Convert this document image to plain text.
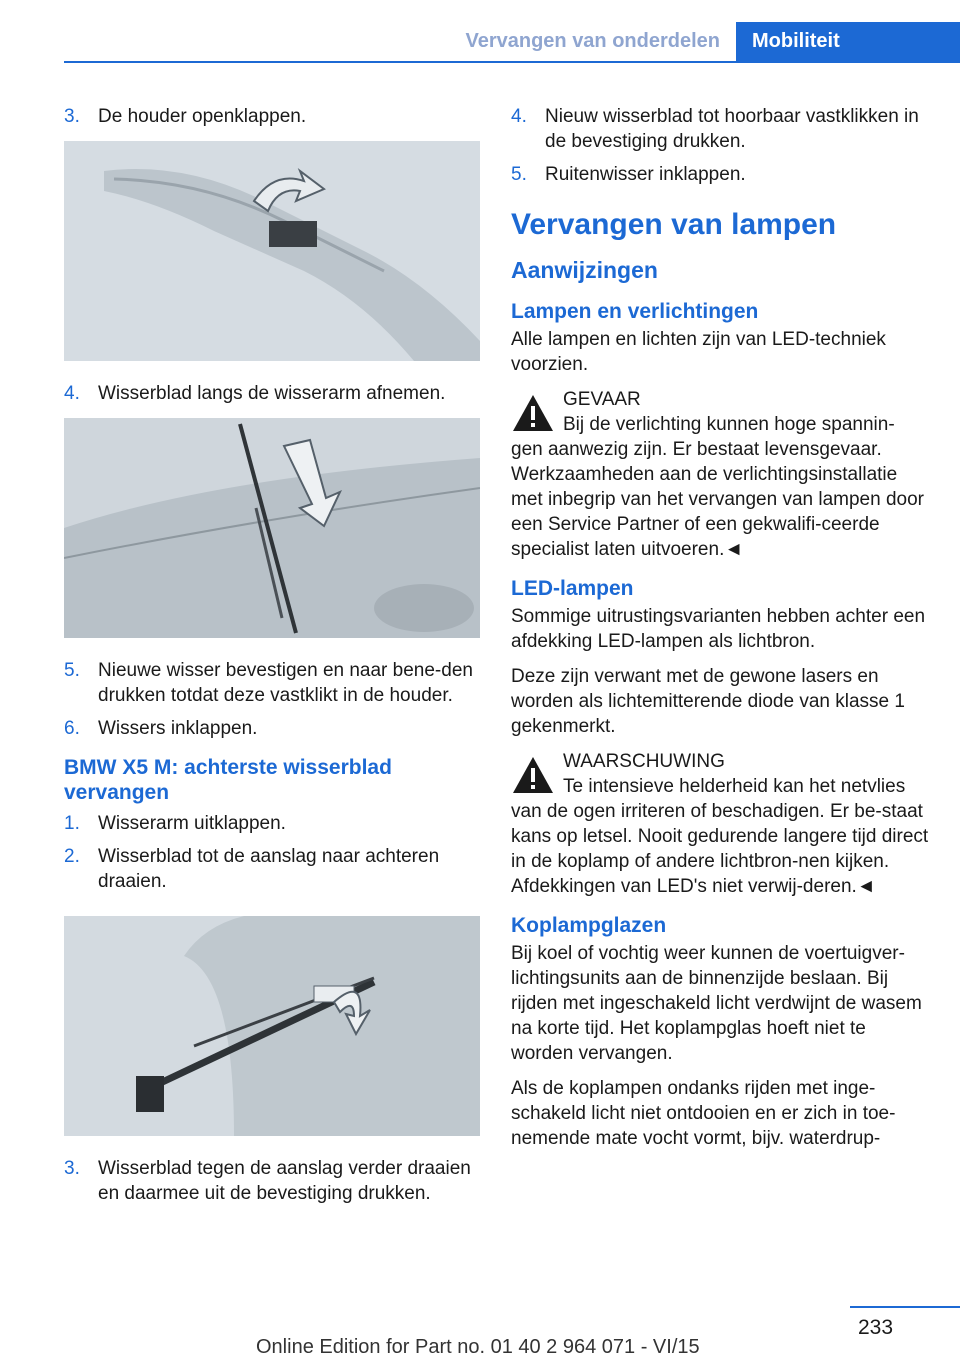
Vervangen van onderdelen Mobiliteit
3. De houder openklappen.
4. Wisserblad langs de wisserarm afnemen.
5. Nieuwe wisser bevestigen en naar bene-den drukken totdat deze vastklikt in de houder.
6. Wissers inklappen.
BMW X5 M: achterste wisserblad vervangen
1. Wisserarm uitklappen.
2. Wisserblad tot de aanslag naar achteren draaien.
3. Wisserblad tegen de aanslag verder draaien en daarmee uit de bevestiging drukken.
4. Nieuw wisserblad tot hoorbaar vastklikken in de bevestiging drukken.
5. Ruitenwisser inklappen.
Vervangen van lampen
Aanwijzingen
Lampen en verlichtingen

Alle lampen en lichten zijn van LED-techniek voorzien.

GEVAAR
Bij de verlichting kunnen hoge spannin-
gen aanwezig zijn. Er bestaat levensgevaar. Werkzaamheden aan de verlichtingsinstallatie met inbegrip van het vervangen van lampen door een Service Partner of een gekwalifi-ceerde specialist laten uitvoeren.◄
LED-lampen

Sommige uitrustingsvarianten hebben achter een afdekking LED-lampen als lichtbron.

Deze zijn verwant met de gewone lasers en worden als lichtemitterende diode van klasse 1 gekenmerkt.

WAARSCHUWING
Te intensieve helderheid kan het netvlies
van de ogen irriteren of beschadigen. Er be-staat kans op letsel. Nooit gedurende langere tijd direct in de koplamp of andere lichtbron-nen kijken. Afdekkingen van LED's niet verwij-deren.◄
Koplampglazen

Bij koel of vochtig weer kunnen de voertuigver-lichtingsunits aan de binnenzijde beslaan. Bij rijden met ingeschakeld licht verdwijnt de wasem na korte tijd. Het koplampglas hoeft niet te worden vervangen.

Als de koplampen ondanks rijden met inge-schakeld licht niet ontdooien en er zich in toe-nemende mate vocht vormt, bijv. waterdrup-

233
Online Edition for Part no. 01 40 2 964 071 - VI/15
